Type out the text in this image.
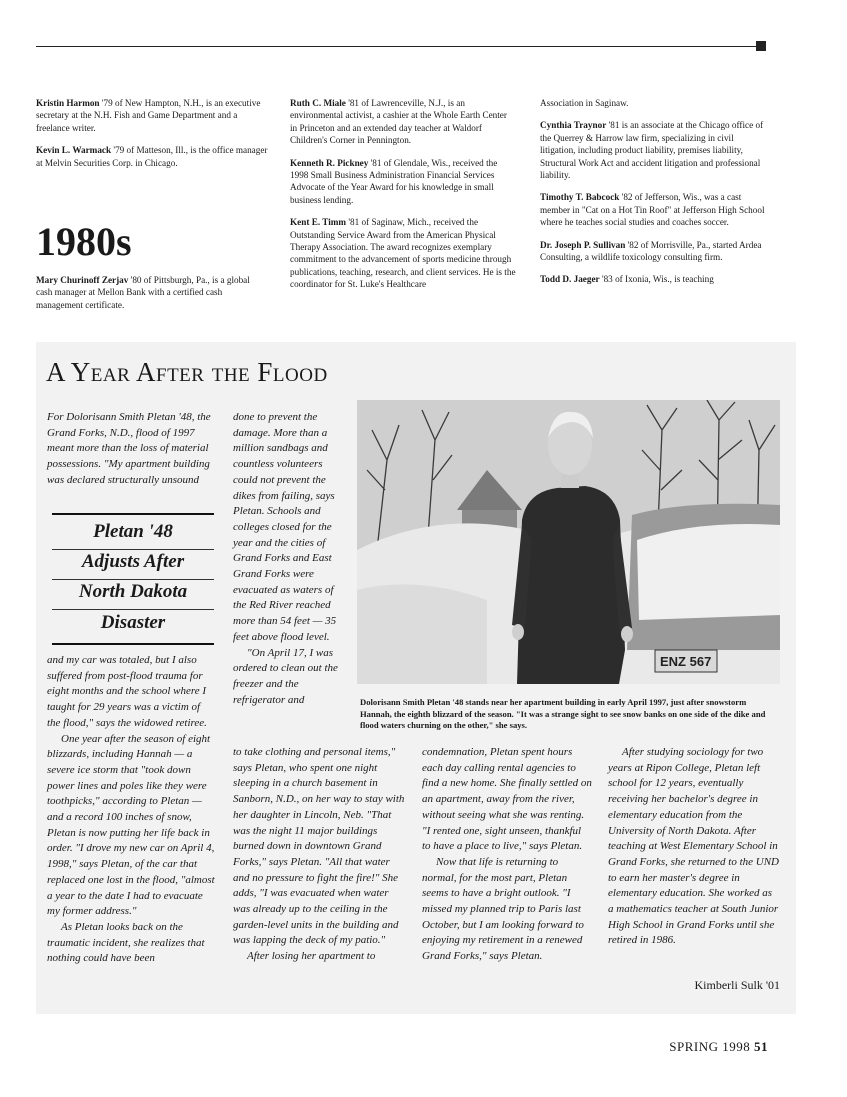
Kristin Harmon '79 of New Hampton, N.H., is an executive secretary at the N.H. Fish and Game Department and a freelance writer.

Kevin L. Warmack '79 of Matteson, Ill., is the office manager at Melvin Securities Corp. in Chicago.

1980s

Mary Churinoff Zerjav '80 of Pittsburgh, Pa., is a global cash manager at Mellon Bank with a certified cash management certificate.

Ruth C. Miale '81 of Lawrenceville, N.J., is an environmental activist, a cashier at the Whole Earth Center in Princeton and an extended day teacher at Waldorf Children's Corner in Pennington.

Kenneth R. Pickney '81 of Glendale, Wis., received the 1998 Small Business Administration Financial Services Advocate of the Year Award for his knowledge in small business lending.

Kent E. Timm '81 of Saginaw, Mich., received the Outstanding Service Award from the American Physical Therapy Association. The award recognizes exemplary commitment to the advancement of sports medicine through publications, teaching, research, and client services. He is the coordinator for St. Luke's Healthcare

Association in Saginaw.

Cynthia Traynor '81 is an associate at the Chicago office of the Querrey & Harrow law firm, specializing in civil litigation, including product liability, premises liability, Structural Work Act and accident litigation and professional liability.

Timothy T. Babcock '82 of Jefferson, Wis., was a cast member in "Cat on a Hot Tin Roof" at Jefferson High School where he teaches social studies and coaches soccer.

Dr. Joseph P. Sullivan '82 of Morrisville, Pa., started Ardea Consulting, a wildlife toxicology consulting firm.

Todd D. Jaeger '83 of Ixonia, Wis., is teaching

A Year After the Flood

For Dolorisann Smith Pletan '48, the Grand Forks, N.D., flood of 1997 meant more than the loss of material possessions. "My apartment building was declared structurally unsound

Pletan '48
Adjusts After
North Dakota
Disaster

and my car was totaled, but I also suffered from post-flood trauma for eight months and the school where I taught for 29 years was a victim of the flood," says the widowed retiree.

One year after the season of eight blizzards, including Hannah — a severe ice storm that "took down power lines and poles like they were toothpicks," according to Pletan — and a record 100 inches of snow, Pletan is now putting her life back in order. "I drove my new car on April 4, 1998," says Pletan, of the car that replaced one lost in the flood, "almost a year to the date I had to evacuate my former address."

As Pletan looks back on the traumatic incident, she realizes that nothing could have been

done to prevent the damage. More than a million sandbags and countless volunteers could not prevent the dikes from failing, says Pletan. Schools and colleges closed for the year and the cities of Grand Forks and East Grand Forks were evacuated as waters of the Red River reached more than 54 feet — 35 feet above flood level.

"On April 17, I was ordered to clean out the freezer and the refrigerator and

to take clothing and personal items," says Pletan, who spent one night sleeping in a church basement in Sanborn, N.D., on her way to stay with her daughter in Lincoln, Neb. "That was the night 11 major buildings burned down in downtown Grand Forks," says Pletan. "All that water and no pressure to fight the fire!" She adds, "I was evacuated when water was already up to the ceiling in the garden-level units in the building and was lapping the deck of my patio."

After losing her apartment to

condemnation, Pletan spent hours each day calling rental agencies to find a new home. She finally settled on an apartment, away from the river, without seeing what she was renting. "I rented one, sight unseen, thankful to have a place to live," says Pletan.

Now that life is returning to normal, for the most part, Pletan seems to have a bright outlook. "I missed my planned trip to Paris last October, but I am looking forward to enjoying my retirement in a renewed Grand Forks," says Pletan.

After studying sociology for two years at Ripon College, Pletan left school for 12 years, eventually receiving her bachelor's degree in elementary education from the University of North Dakota. After teaching at West Elementary School in Grand Forks, she returned to the UND to earn her master's degree in elementary education. She worked as a mathematics teacher at South Junior High School in Grand Forks until she retired in 1986.

Kimberli Sulk '01

ENZ 567

Dolorisann Smith Pletan '48 stands near her apartment building in early April 1997, just after snowstorm Hannah, the eighth blizzard of the season. "It was a strange sight to see snow banks on one side of the dike and flood waters churning on the other," she says.

SPRING 1998 51
